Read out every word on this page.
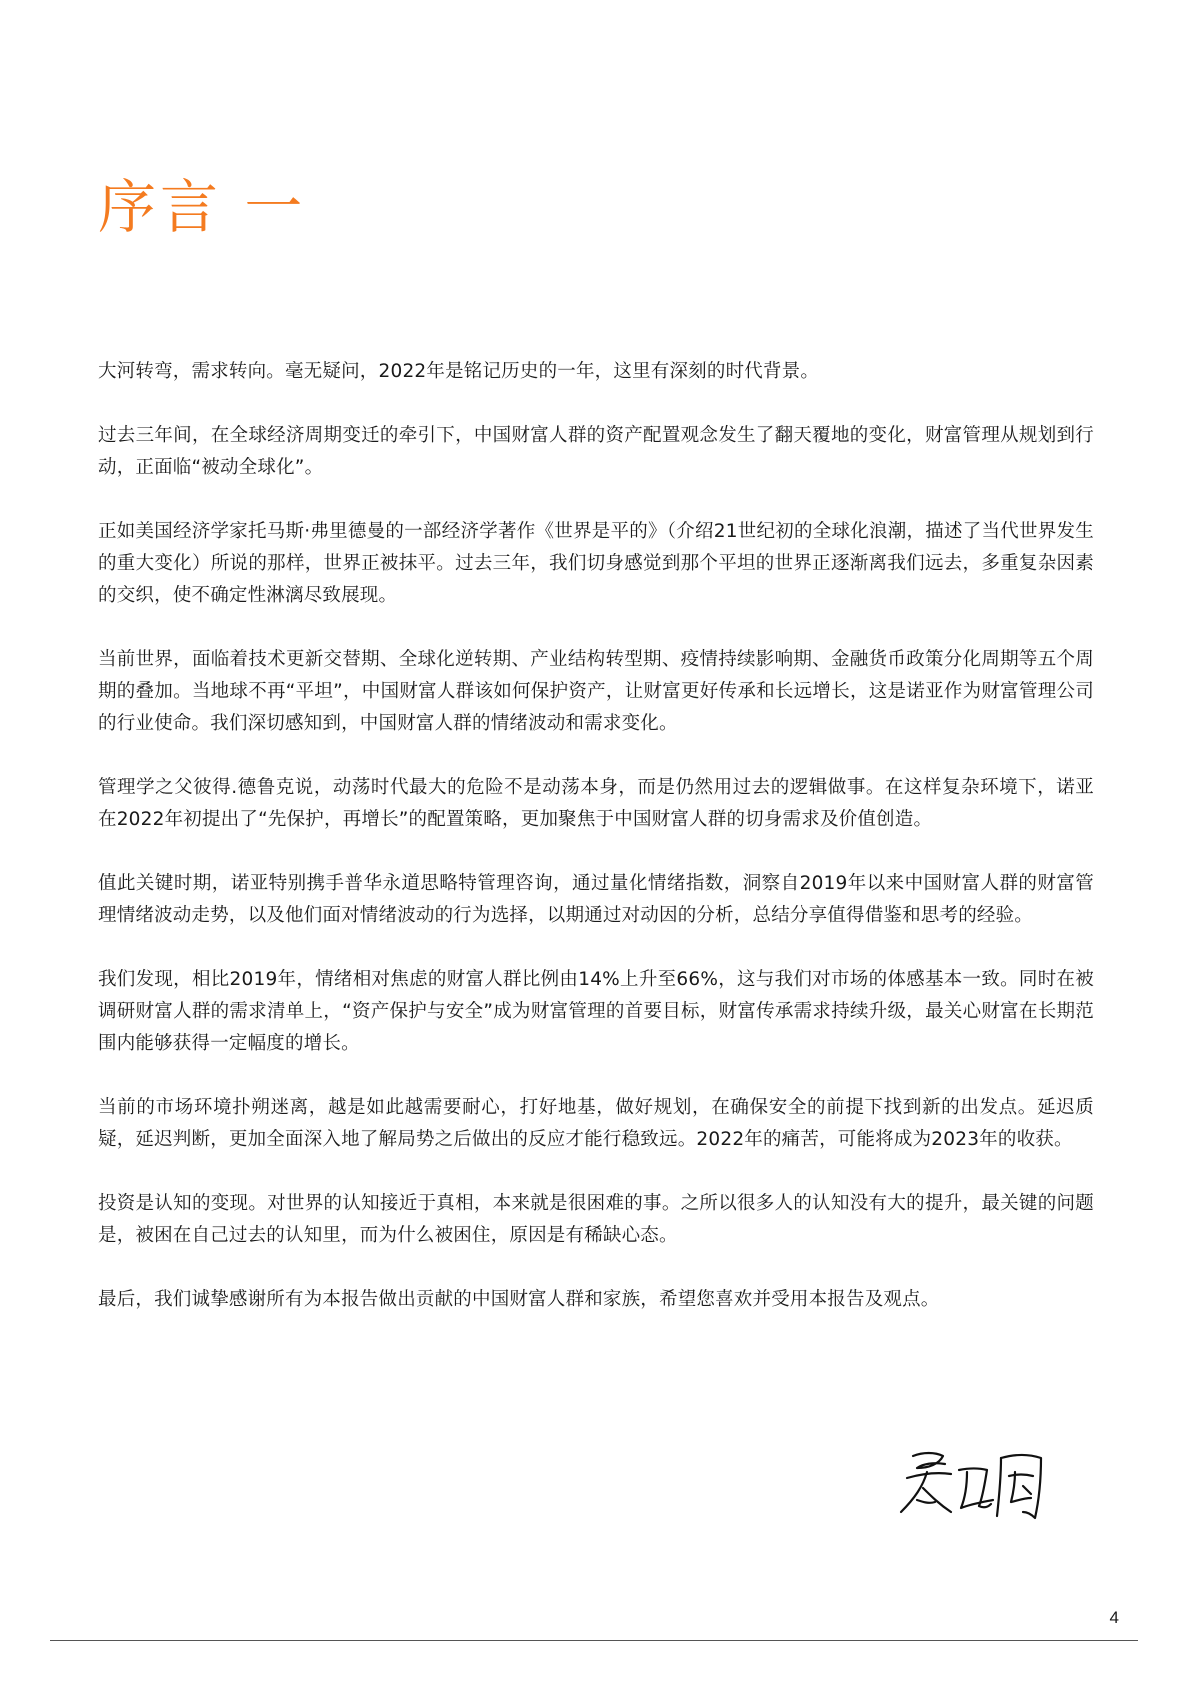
序言 一

大河转弯，需求转向。毫无疑问，2022年是铭记历史的一年，这里有深刻的时代背景。

过去三年间，在全球经济周期变迁的牵引下，中国财富人群的资产配置观念发生了翻天覆地的变化，财富管理从规划到行动，正面临“被动全球化”。

正如美国经济学家托马斯·弗里德曼的一部经济学著作《世界是平的》（介绍21世纪初的全球化浪潮，描述了当代世界发生的重大变化）所说的那样，世界正被抹平。过去三年，我们切身感觉到那个平坦的世界正逐渐离我们远去，多重复杂因素的交织，使不确定性淋漓尽致展现。

当前世界，面临着技术更新交替期、全球化逆转期、产业结构转型期、疫情持续影响期、金融货币政策分化周期等五个周期的叠加。当地球不再“平坦”，中国财富人群该如何保护资产，让财富更好传承和长远增长，这是诺亚作为财富管理公司的行业使命。我们深切感知到，中国财富人群的情绪波动和需求变化。

管理学之父彼得.德鲁克说，动荡时代最大的危险不是动荡本身，而是仍然用过去的逻辑做事。在这样复杂环境下，诺亚在2022年初提出了“先保护，再增长”的配置策略，更加聚焦于中国财富人群的切身需求及价值创造。

值此关键时期，诺亚特别携手普华永道思略特管理咨询，通过量化情绪指数，洞察自2019年以来中国财富人群的财富管理情绪波动走势，以及他们面对情绪波动的行为选择，以期通过对动因的分析，总结分享值得借鉴和思考的经验。

我们发现，相比2019年，情绪相对焦虑的财富人群比例由14%上升至66%，这与我们对市场的体感基本一致。同时在被调研财富人群的需求清单上，“资产保护与安全”成为财富管理的首要目标，财富传承需求持续升级，最关心财富在长期范围内能够获得一定幅度的增长。

当前的市场环境扑朔迷离，越是如此越需要耐心，打好地基，做好规划，在确保安全的前提下找到新的出发点。延迟质疑，延迟判断，更加全面深入地了解局势之后做出的反应才能行稳致远。2022年的痛苦，可能将成为2023年的收获。

投资是认知的变现。对世界的认知接近于真相，本来就是很困难的事。之所以很多人的认知没有大的提升，最关键的问题是，被困在自己过去的认知里，而为什么被困住，原因是有稀缺心态。

最后，我们诚挚感谢所有为本报告做出贡献的中国财富人群和家族，希望您喜欢并受用本报告及观点。

4
